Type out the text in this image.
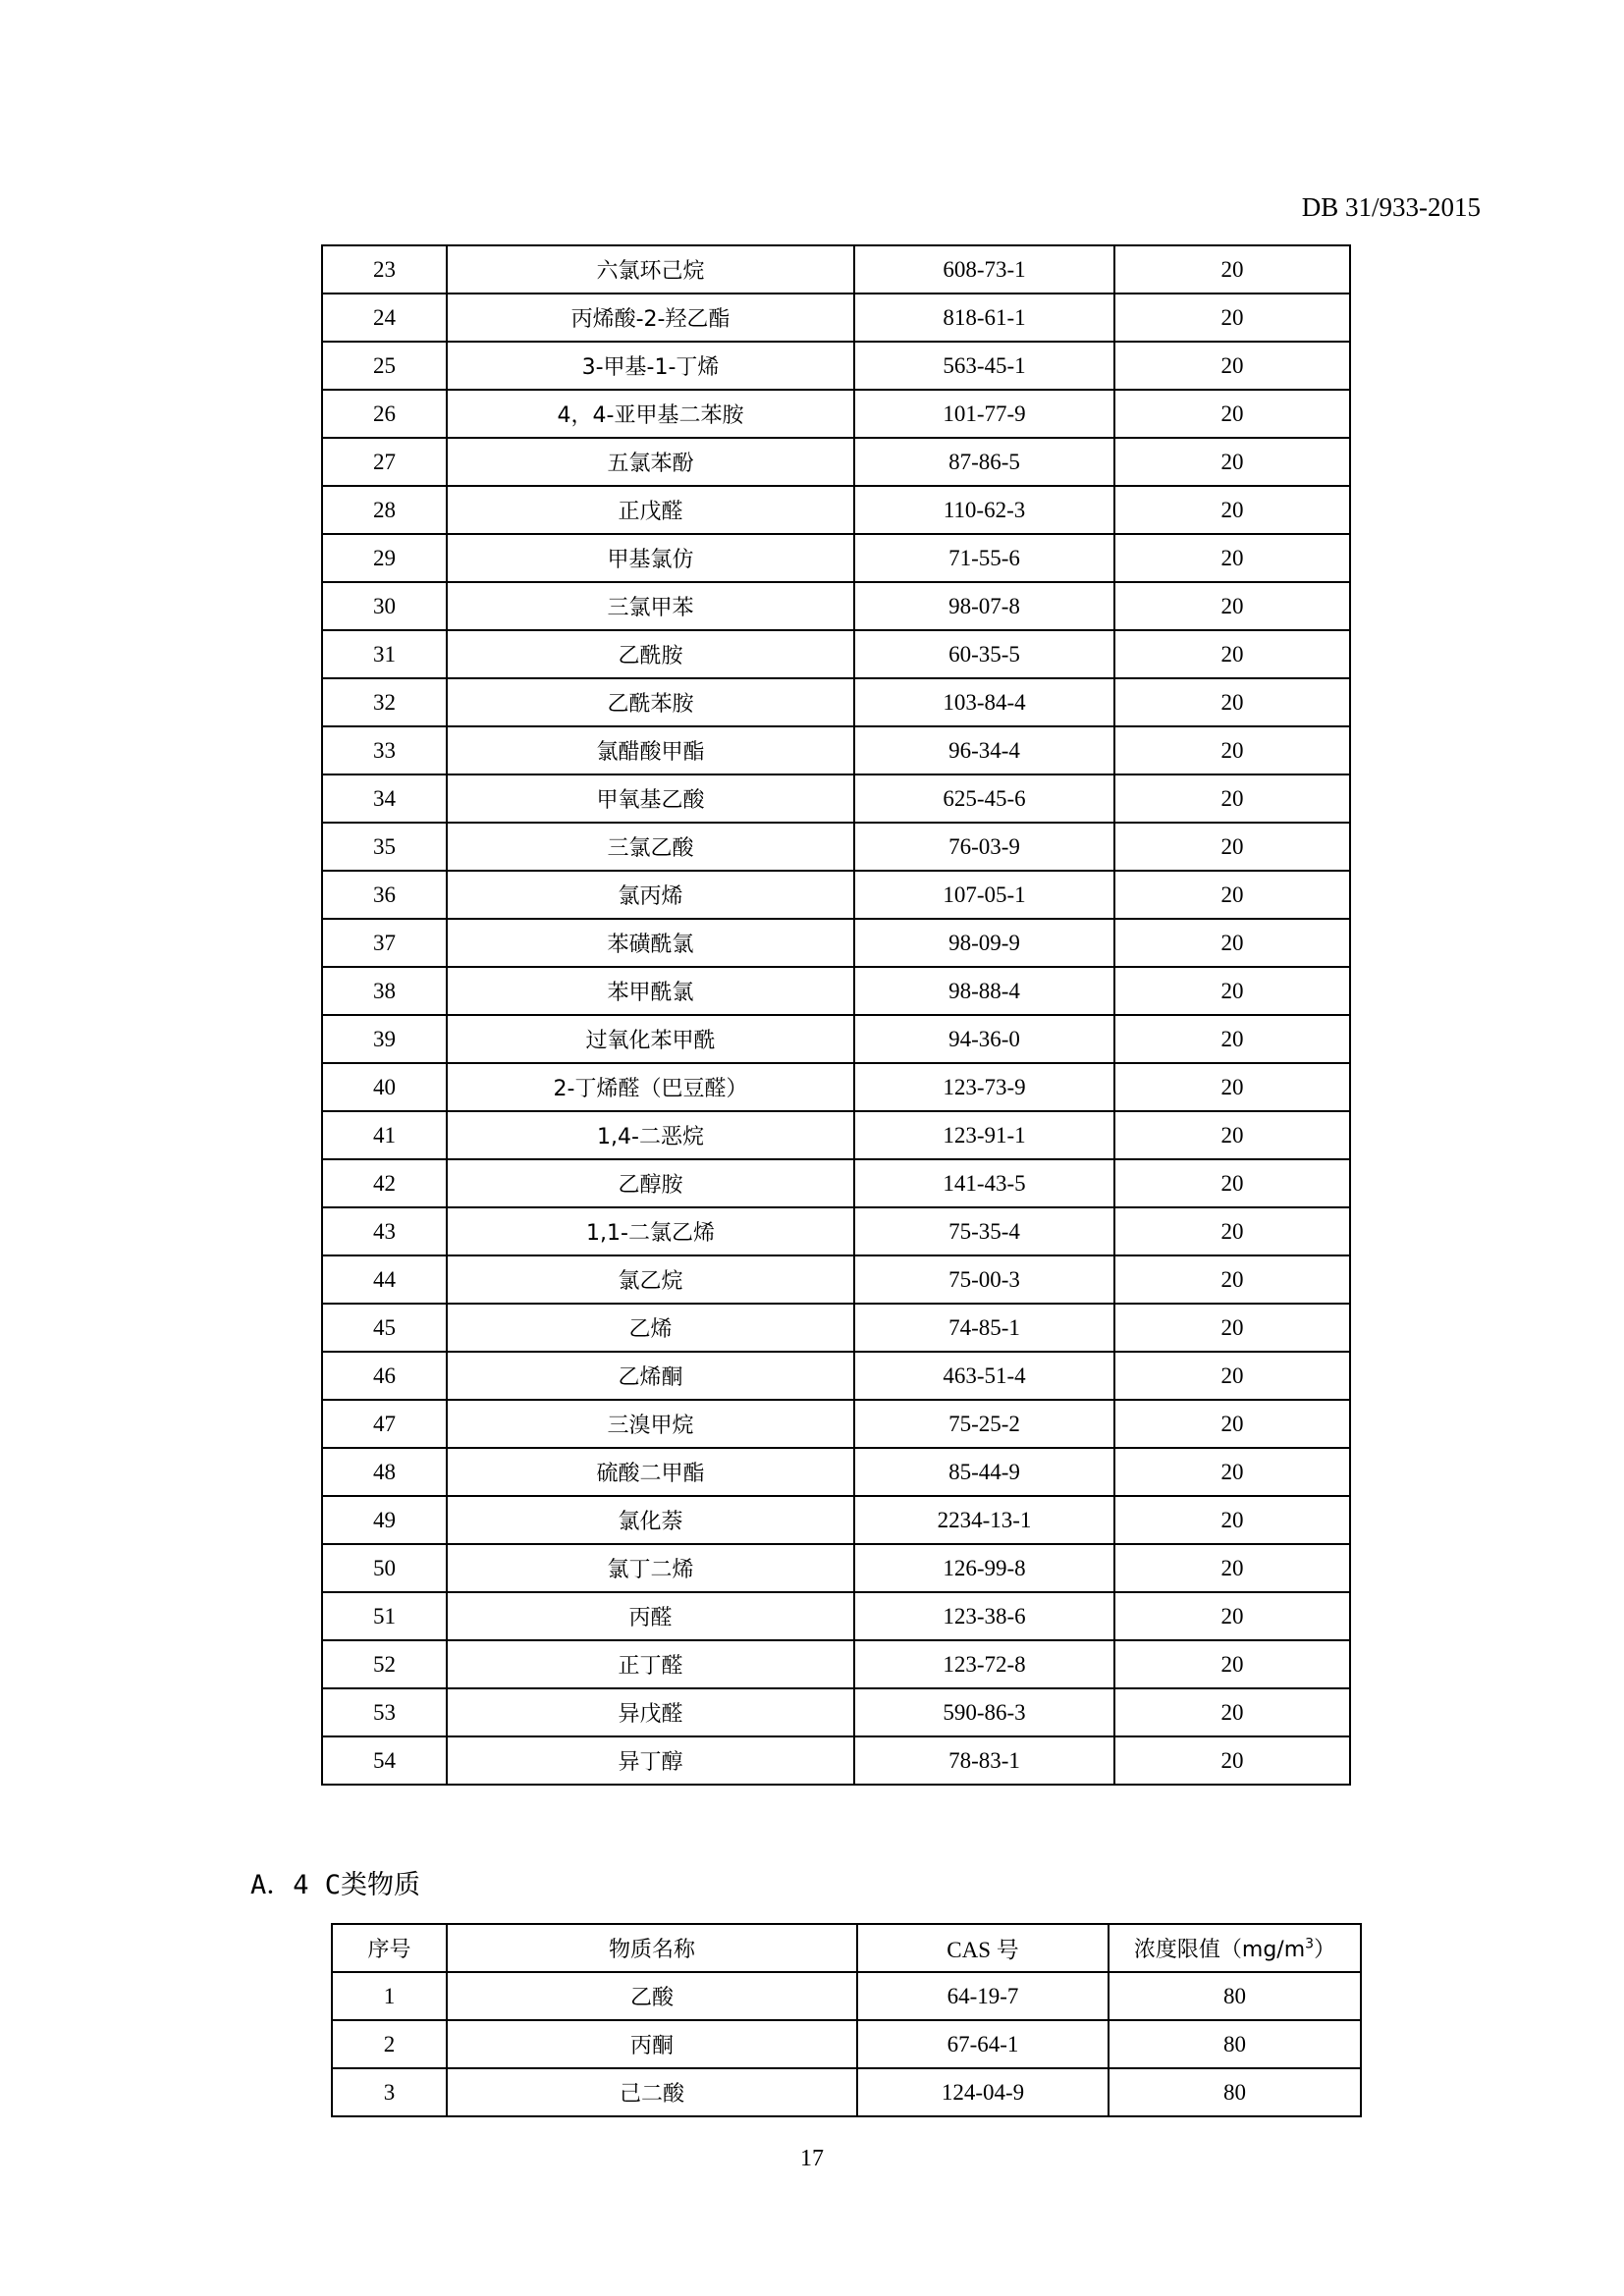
DB 31/933-2015
23	六氯环己烷	608-73-1	20
24	丙烯酸-2-羟乙酯	818-61-1	20
25	3-甲基-1-丁烯	563-45-1	20
26	4，4-亚甲基二苯胺	101-77-9	20
27	五氯苯酚	87-86-5	20
28	正戊醛	110-62-3	20
29	甲基氯仿	71-55-6	20
30	三氯甲苯	98-07-8	20
31	乙酰胺	60-35-5	20
32	乙酰苯胺	103-84-4	20
33	氯醋酸甲酯	96-34-4	20
34	甲氧基乙酸	625-45-6	20
35	三氯乙酸	76-03-9	20
36	氯丙烯	107-05-1	20
37	苯磺酰氯	98-09-9	20
38	苯甲酰氯	98-88-4	20
39	过氧化苯甲酰	94-36-0	20
40	2-丁烯醛（巴豆醛）	123-73-9	20
41	1,4-二恶烷	123-91-1	20
42	乙醇胺	141-43-5	20
43	1,1-二氯乙烯	75-35-4	20
44	氯乙烷	75-00-3	20
45	乙烯	74-85-1	20
46	乙烯酮	463-51-4	20
47	三溴甲烷	75-25-2	20
48	硫酸二甲酯	85-44-9	20
49	氯化萘	2234-13-1	20
50	氯丁二烯	126-99-8	20
51	丙醛	123-38-6	20
52	正丁醛	123-72-8	20
53	异戊醛	590-86-3	20
54	异丁醇	78-83-1	20
A．4 C类物质
序号	物质名称	CAS 号	浓度限值$(mg/m^3)$
1	乙酸	64-19-7	80
2	丙酮	67-64-1	80
3	己二酸	124-04-9	80
17
